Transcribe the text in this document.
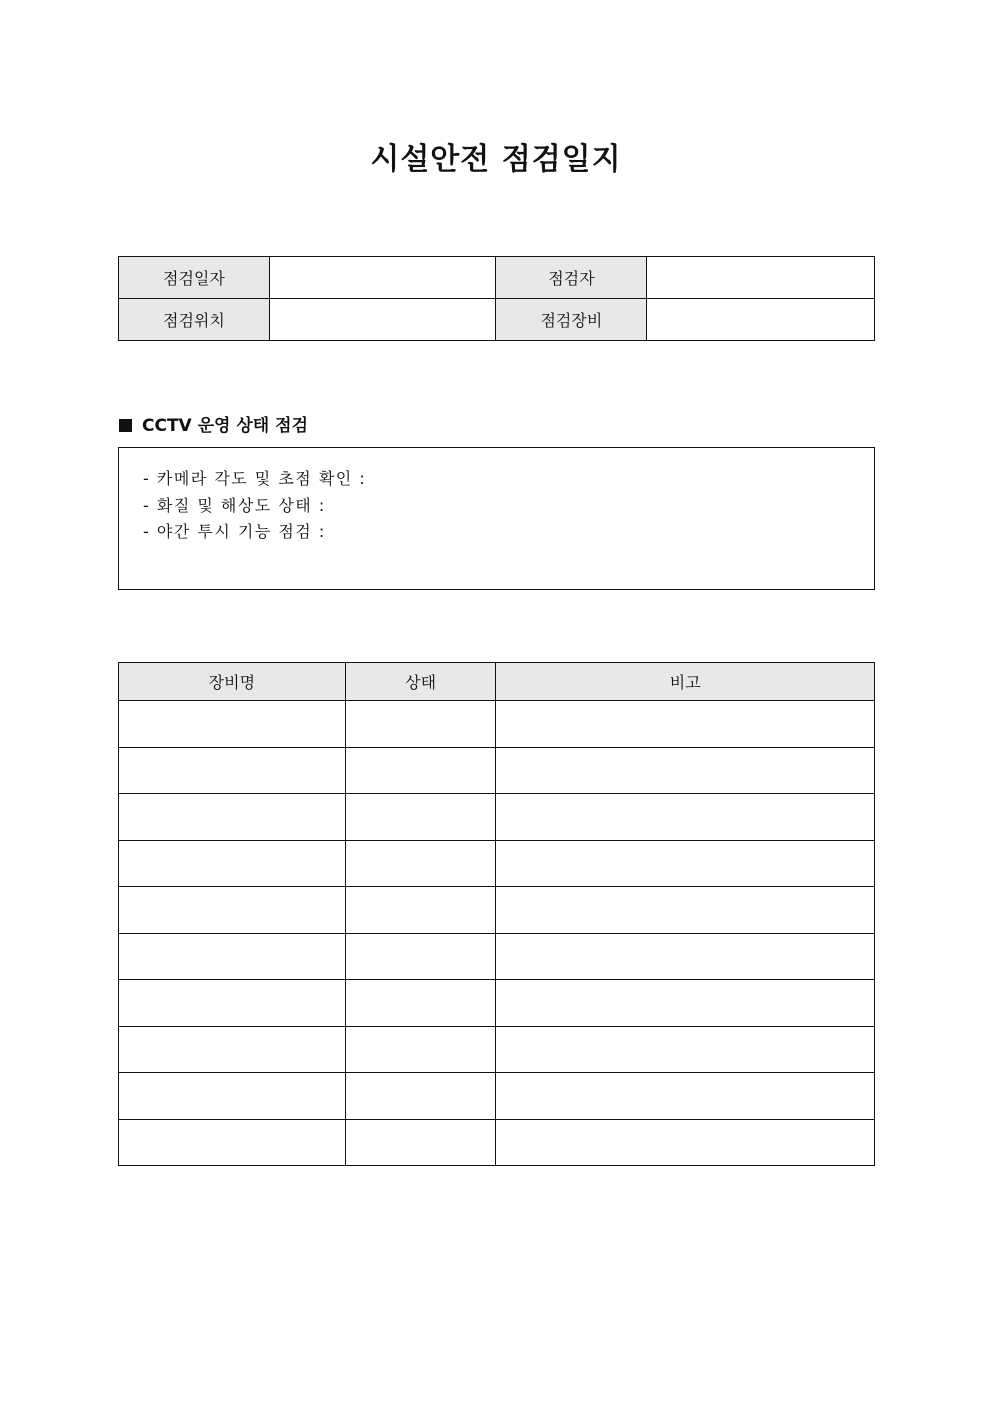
시설안전 점검일지
점검일자		점검자	
점검위치		점검장비	
CCTV 운영 상태 점검
- 카메라 각도 및 초점 확인 :
- 화질 및 해상도 상태 :
- 야간 투시 기능 점검 :
장비명	상태	비고
